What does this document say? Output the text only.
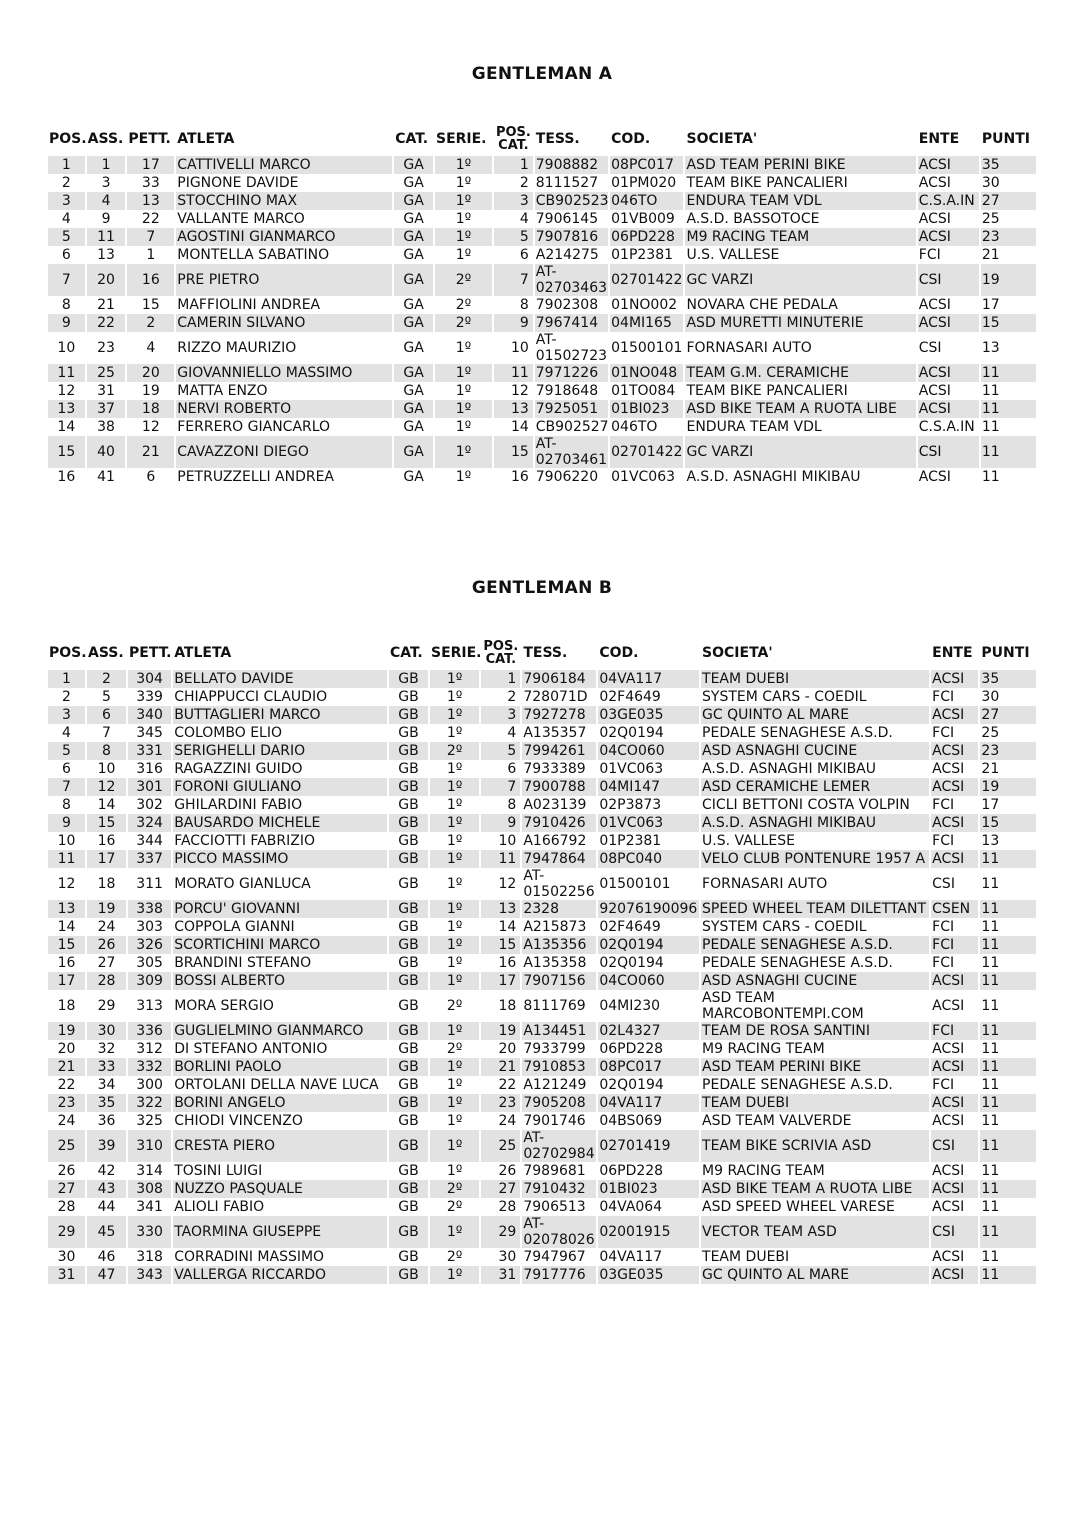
GENTLEMAN A
POS.	ASS.	PETT.	ATLETA	CAT.	SERIE.	POS.
CAT.	TESS.	COD.	SOCIETA'	ENTE	PUNTI
1	1	17	CATTIVELLI MARCO	GA	1º	1	7908882	08PC017	ASD TEAM PERINI BIKE	ACSI	35
2	3	33	PIGNONE DAVIDE	GA	1º	2	8111527	01PM020	TEAM BIKE PANCALIERI	ACSI	30
3	4	13	STOCCHINO MAX	GA	1º	3	CB902523	046TO	ENDURA TEAM VDL	C.S.A.IN	27
4	9	22	VALLANTE MARCO	GA	1º	4	7906145	01VB009	A.S.D. BASSOTOCE	ACSI	25
5	11	7	AGOSTINI GIANMARCO	GA	1º	5	7907816	06PD228	M9 RACING TEAM	ACSI	23
6	13	1	MONTELLA SABATINO	GA	1º	6	A214275	01P2381	U.S. VALLESE	FCI	21
7	20	16	PRE PIETRO	GA	2º	7	AT-
02703463	02701422	GC VARZI	CSI	19
8	21	15	MAFFIOLINI ANDREA	GA	2º	8	7902308	01NO002	NOVARA CHE PEDALA	ACSI	17
9	22	2	CAMERIN SILVANO	GA	2º	9	7967414	04MI165	ASD MURETTI MINUTERIE	ACSI	15
10	23	4	RIZZO MAURIZIO	GA	1º	10	AT-
01502723	01500101	FORNASARI AUTO	CSI	13
11	25	20	GIOVANNIELLO MASSIMO	GA	1º	11	7971226	01NO048	TEAM G.M. CERAMICHE	ACSI	11
12	31	19	MATTA ENZO	GA	1º	12	7918648	01TO084	TEAM BIKE PANCALIERI	ACSI	11
13	37	18	NERVI ROBERTO	GA	1º	13	7925051	01BI023	ASD BIKE TEAM A RUOTA LIBE	ACSI	11
14	38	12	FERRERO GIANCARLO	GA	1º	14	CB902527	046TO	ENDURA TEAM VDL	C.S.A.IN	11
15	40	21	CAVAZZONI DIEGO	GA	1º	15	AT-
02703461	02701422	GC VARZI	CSI	11
16	41	6	PETRUZZELLI ANDREA	GA	1º	16	7906220	01VC063	A.S.D. ASNAGHI MIKIBAU	ACSI	11
GENTLEMAN B
POS.	ASS.	PETT.	ATLETA	CAT.	SERIE.	POS.
CAT.	TESS.	COD.	SOCIETA'	ENTE	PUNTI
1	2	304	BELLATO DAVIDE	GB	1º	1	7906184	04VA117	TEAM DUEBI	ACSI	35
2	5	339	CHIAPPUCCI CLAUDIO	GB	1º	2	728071D	02F4649	SYSTEM CARS - COEDIL	FCI	30
3	6	340	BUTTAGLIERI MARCO	GB	1º	3	7927278	03GE035	GC QUINTO AL MARE	ACSI	27
4	7	345	COLOMBO ELIO	GB	1º	4	A135357	02Q0194	PEDALE SENAGHESE A.S.D.	FCI	25
5	8	331	SERIGHELLI DARIO	GB	2º	5	7994261	04CO060	ASD ASNAGHI CUCINE	ACSI	23
6	10	316	RAGAZZINI GUIDO	GB	1º	6	7933389	01VC063	A.S.D. ASNAGHI MIKIBAU	ACSI	21
7	12	301	FORONI GIULIANO	GB	1º	7	7900788	04MI147	ASD CERAMICHE LEMER	ACSI	19
8	14	302	GHILARDINI FABIO	GB	1º	8	A023139	02P3873	CICLI BETTONI COSTA VOLPIN	FCI	17
9	15	324	BAUSARDO MICHELE	GB	1º	9	7910426	01VC063	A.S.D. ASNAGHI MIKIBAU	ACSI	15
10	16	344	FACCIOTTI FABRIZIO	GB	1º	10	A166792	01P2381	U.S. VALLESE	FCI	13
11	17	337	PICCO MASSIMO	GB	1º	11	7947864	08PC040	VELO CLUB PONTENURE 1957 A	ACSI	11
12	18	311	MORATO GIANLUCA	GB	1º	12	AT-
01502256	01500101	FORNASARI AUTO	CSI	11
13	19	338	PORCU' GIOVANNI	GB	1º	13	2328	92076190096	SPEED WHEEL TEAM DILETTANT	CSEN	11
14	24	303	COPPOLA GIANNI	GB	1º	14	A215873	02F4649	SYSTEM CARS - COEDIL	FCI	11
15	26	326	SCORTICHINI MARCO	GB	1º	15	A135356	02Q0194	PEDALE SENAGHESE A.S.D.	FCI	11
16	27	305	BRANDINI STEFANO	GB	1º	16	A135358	02Q0194	PEDALE SENAGHESE A.S.D.	FCI	11
17	28	309	BOSSI ALBERTO	GB	1º	17	7907156	04CO060	ASD ASNAGHI CUCINE	ACSI	11
18	29	313	MORA SERGIO	GB	2º	18	8111769	04MI230	ASD TEAM MARCOBONTEMPI.COM	ACSI	11
19	30	336	GUGLIELMINO GIANMARCO	GB	1º	19	A134451	02L4327	TEAM DE ROSA SANTINI	FCI	11
20	32	312	DI STEFANO ANTONIO	GB	2º	20	7933799	06PD228	M9 RACING TEAM	ACSI	11
21	33	332	BORLINI PAOLO	GB	1º	21	7910853	08PC017	ASD TEAM PERINI BIKE	ACSI	11
22	34	300	ORTOLANI DELLA NAVE LUCA	GB	1º	22	A121249	02Q0194	PEDALE SENAGHESE A.S.D.	FCI	11
23	35	322	BORINI ANGELO	GB	1º	23	7905208	04VA117	TEAM DUEBI	ACSI	11
24	36	325	CHIODI VINCENZO	GB	1º	24	7901746	04BS069	ASD TEAM VALVERDE	ACSI	11
25	39	310	CRESTA PIERO	GB	1º	25	AT-
02702984	02701419	TEAM BIKE SCRIVIA ASD	CSI	11
26	42	314	TOSINI LUIGI	GB	1º	26	7989681	06PD228	M9 RACING TEAM	ACSI	11
27	43	308	NUZZO PASQUALE	GB	2º	27	7910432	01BI023	ASD BIKE TEAM A RUOTA LIBE	ACSI	11
28	44	341	ALIOLI FABIO	GB	2º	28	7906513	04VA064	ASD SPEED WHEEL VARESE	ACSI	11
29	45	330	TAORMINA GIUSEPPE	GB	1º	29	AT-
02078026	02001915	VECTOR TEAM ASD	CSI	11
30	46	318	CORRADINI MASSIMO	GB	2º	30	7947967	04VA117	TEAM DUEBI	ACSI	11
31	47	343	VALLERGA RICCARDO	GB	1º	31	7917776	03GE035	GC QUINTO AL MARE	ACSI	11
